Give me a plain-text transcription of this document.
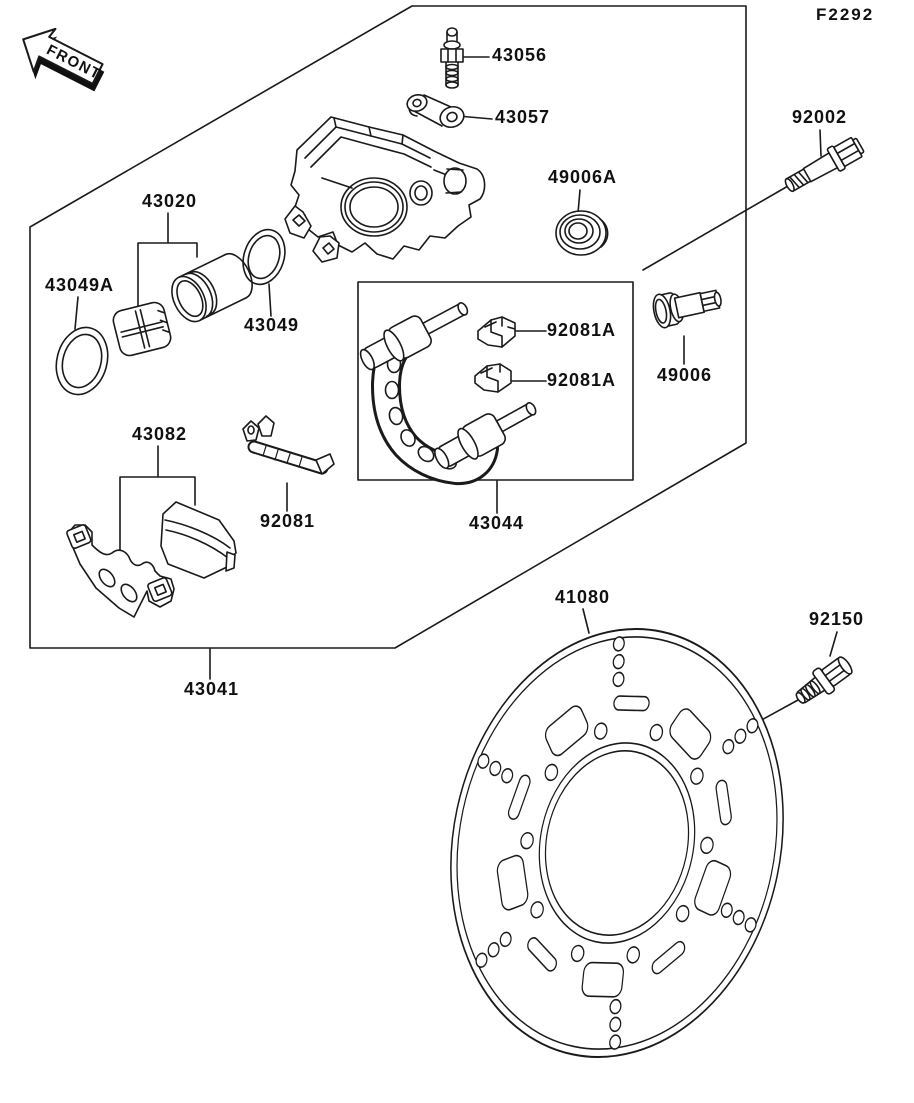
FRONT
F2292
43056
43057	92002
49006A
43020
43049A
43049	92081A
92081A 49006
43082
92081	43044
41080
92150
43041
